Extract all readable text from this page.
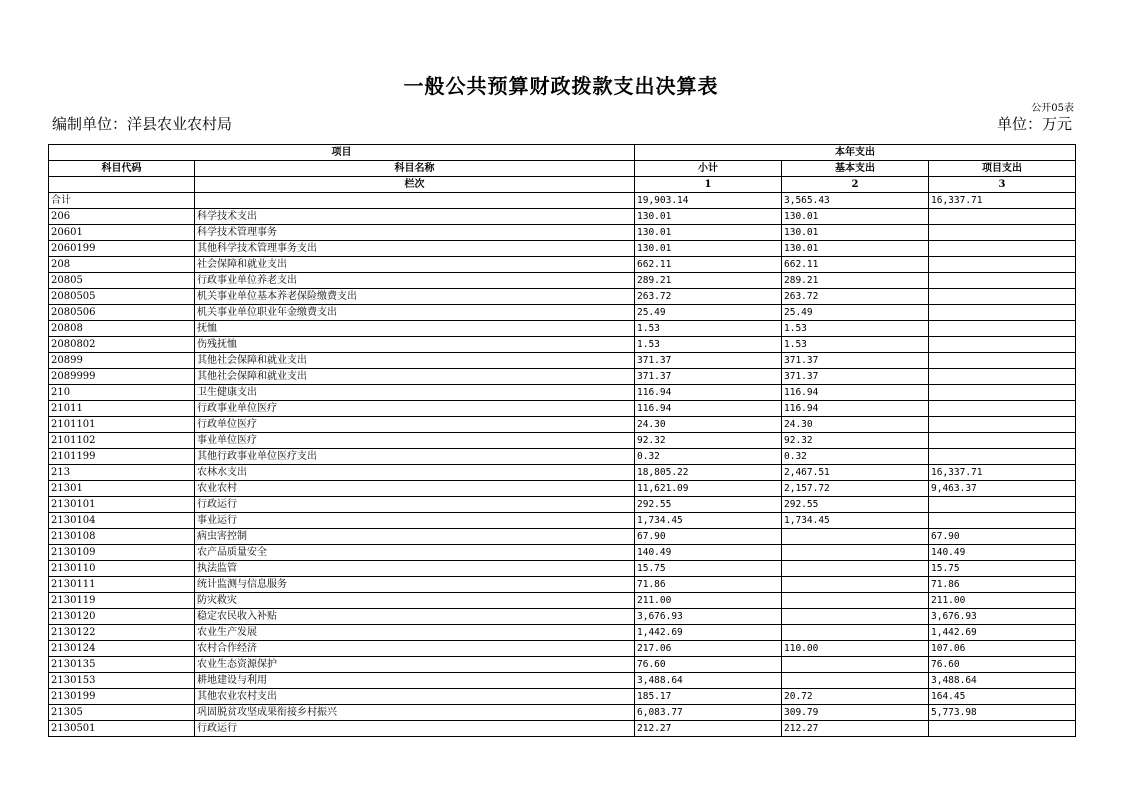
一般公共预算财政拨款支出决算表
公开05表
编制单位：洋县农业农村局	单位：万元
项目		本年支出		
科目代码	科目名称	小计	基本支出	项目支出
	栏次	1	2	3
合计		19,903.14	3,565.43	16,337.71
206	科学技术支出	130.01	130.01	
20601	科学技术管理事务	130.01	130.01	
2060199	其他科学技术管理事务支出	130.01	130.01	
208	社会保障和就业支出	662.11	662.11	
20805	行政事业单位养老支出	289.21	289.21	
2080505	机关事业单位基本养老保险缴费支出	263.72	263.72	
2080506	机关事业单位职业年金缴费支出	25.49	25.49	
20808	抚恤	1.53	1.53	
2080802	伤残抚恤	1.53	1.53	
20899	其他社会保障和就业支出	371.37	371.37	
2089999	其他社会保障和就业支出	371.37	371.37	
210	卫生健康支出	116.94	116.94	
21011	行政事业单位医疗	116.94	116.94	
2101101	行政单位医疗	24.30	24.30	
2101102	事业单位医疗	92.32	92.32	
2101199	其他行政事业单位医疗支出	0.32	0.32	
213	农林水支出	18,805.22	2,467.51	16,337.71
21301	农业农村	11,621.09	2,157.72	9,463.37
2130101	行政运行	292.55	292.55	
2130104	事业运行	1,734.45	1,734.45	
2130108	病虫害控制	67.90		67.90
2130109	农产品质量安全	140.49		140.49
2130110	执法监管	15.75		15.75
2130111	统计监测与信息服务	71.86		71.86
2130119	防灾救灾	211.00		211.00
2130120	稳定农民收入补贴	3,676.93		3,676.93
2130122	农业生产发展	1,442.69		1,442.69
2130124	农村合作经济	217.06	110.00	107.06
2130135	农业生态资源保护	76.60		76.60
2130153	耕地建设与利用	3,488.64		3,488.64
2130199	其他农业农村支出	185.17	20.72	164.45
21305	巩固脱贫攻坚成果衔接乡村振兴	6,083.77	309.79	5,773.98
2130501	行政运行	212.27	212.27	
